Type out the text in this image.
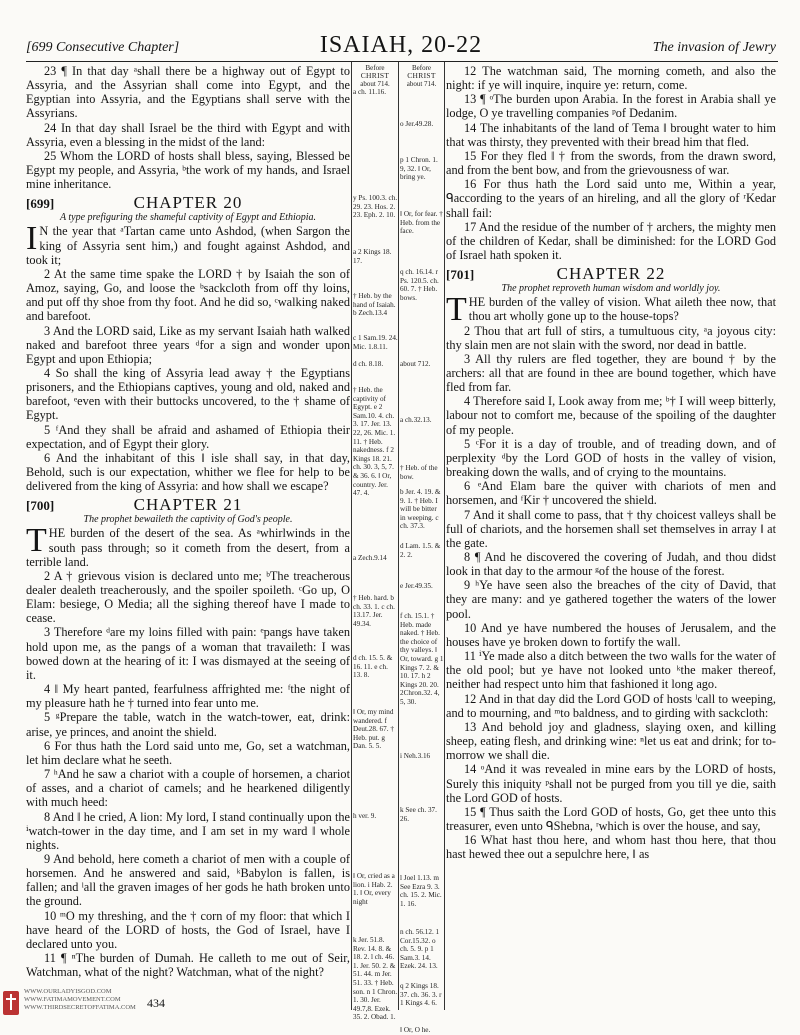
[699 Consecutive Chapter]	ISAIAH, 20-22	The invasion of Jewry

23 ¶ In that day ᵃshall there be a highway out of Egypt to Assyria, and the Assyrian shall come into Egypt, and the Egyptian into Assyria, and the Egyptians shall serve with the Assyrians.

24 In that day shall Israel be the third with Egypt and with Assyria, even a blessing in the midst of the land:

25 Whom the LORD of hosts shall bless, saying, Blessed be Egypt my people, and Assyria, ᵇthe work of my hands, and Israel mine inheritance.

[699]	CHAPTER 20
A type prefiguring the shameful captivity of Egypt and Ethiopia.

I N the year that ᵃTartan came unto Ashdod, (when Sargon the king of Assyria sent him,) and fought against Ashdod, and took it;

2 At the same time spake the LORD † by Isaiah the son of Amoz, saying, Go, and loose the ᵇsackcloth from off thy loins, and put off thy shoe from thy foot. And he did so, ᶜwalking naked and barefoot.

3 And the LORD said, Like as my servant Isaiah hath walked naked and barefoot three years ᵈfor a sign and wonder upon Egypt and upon Ethiopia;

4 So shall the king of Assyria lead away † the Egyptians prisoners, and the Ethiopians captives, young and old, naked and barefoot, ᵉeven with their buttocks uncovered, to the † shame of Egypt.

5 ᶠAnd they shall be afraid and ashamed of Ethiopia their expectation, and of Egypt their glory.

6 And the inhabitant of this ‖ isle shall say, in that day, Behold, such is our expectation, whither we flee for help to be delivered from the king of Assyria: and how shall we escape?

[700]	CHAPTER 21
The prophet bewaileth the captivity of God's people.

THE burden of the desert of the sea. As ᵃwhirlwinds in the south pass through; so it cometh from the desert, from a terrible land.

2 A † grievous vision is declared unto me; ᵇThe treacherous dealer dealeth treacherously, and the spoiler spoileth. ᶜGo up, O Elam: besiege, O Media; all the sighing thereof have I made to cease.

3 Therefore ᵈare my loins filled with pain: ᵉpangs have taken hold upon me, as the pangs of a woman that travaileth: I was bowed down at the hearing of it: I was dismayed at the seeing of it.

4 ‖ My heart panted, fearfulness affrighted me: ᶠthe night of my pleasure hath he † turned into fear unto me.

5 ᵍPrepare the table, watch in the watch-tower, eat, drink: arise, ye princes, and anoint the shield.

6 For thus hath the Lord said unto me, Go, set a watchman, let him declare what he seeth.

7 ʰAnd he saw a chariot with a couple of horsemen, a chariot of asses, and a chariot of camels; and he hearkened diligently with much heed:

8 And ‖ he cried, A lion: My lord, I stand continually upon the ⁱwatch-tower in the day time, and I am set in my ward ‖ whole nights.

9 And behold, here cometh a chariot of men with a couple of horsemen. And he answered and said, ᵏBabylon is fallen, is fallen; and ˡall the graven images of her gods he hath broken unto the ground.

10 ᵐO my threshing, and the † corn of my floor: that which I have heard of the LORD of hosts, the God of Israel, have I declared unto you.

11 ¶ ⁿThe burden of Dumah. He calleth to me out of Seir, Watchman, what of the night? Watchman, what of the night?

Before
CHRIST
about 714.
a ch. 11.16.
y Ps. 100.3. ch. 29. 23. Hos. 2. 23. Eph. 2. 10.
a 2 Kings 18. 17.
† Heb. by the hand of Isaiah. b Zech.13.4
c 1 Sam.19. 24. Mic. 1.8.11.
d ch. 8.18.
† Heb. the captivity of Egypt. e 2 Sam.10. 4. ch. 3. 17. Jer. 13. 22, 26. Mic. 1. 11. † Heb. nakedness. f 2 Kings 18. 21. ch. 30. 3, 5, 7. & 36. 6. ‖ Or, country. Jer. 47. 4.
a Zech.9.14
† Heb. hard. b ch. 33. 1. c ch. 13.17. Jer. 49.34.
d ch. 15. 5. & 16. 11. e ch. 13. 8.
‖ Or, my mind wandered. f Deut.28. 67. † Heb. put. g Dan. 5. 5.
h ver. 9.
‖ Or, cried as a lion. i Hab. 2. 1. ‖ Or, every night
k Jer. 51.8. Rev. 14. 8. & 18. 2. l ch. 46. 1. Jer. 50. 2. & 51. 44. m Jer. 51. 33. † Heb. son. n 1 Chron. 1. 30. Jer. 49.7,8. Ezek. 35. 2. Obad. 1.
Before
CHRIST
about 714.
o Jer.49.28.
p 1 Chron. 1. 9, 32. ‖ Or, bring ye.
‖ Or, for fear. † Heb. from the face.
q ch. 16.14. r Ps. 120.5. ch. 60. 7. † Heb. bows.
about 712.
a ch.32.13.
† Heb. of the bow.
b Jer. 4. 19. & 9. 1. † Heb. I will be bitter in weeping. c ch. 37.3.
d Lam. 1.5. & 2. 2.
e Jer.49.35.
f ch. 15.1. † Heb. made naked. † Heb. the choice of thy valleys. ‖ Or, toward. g 1 Kings 7. 2. & 10. 17. h 2 Kings 20. 20. 2Chron.32. 4, 5, 30.
i Neh.3.16
k See ch. 37. 26.
l Joel 1.13. m See Ezra 9. 3. ch. 15. 2. Mic. 1. 16.
n ch. 56.12. 1 Cor.15.32. o ch. 5. 9. p 1 Sam.3. 14. Ezek. 24. 13.
q 2 Kings 18. 37. ch. 36. 3. r 1 Kings 4. 6.
‖ Or, O he.

12 The watchman said, The morning cometh, and also the night: if ye will inquire, inquire ye: return, come.

13 ¶ ᵒThe burden upon Arabia. In the forest in Arabia shall ye lodge, O ye travelling companies ᵖof Dedanim.

14 The inhabitants of the land of Tema ‖ brought water to him that was thirsty, they prevented with their bread him that fled.

15 For they fled ‖ † from the swords, from the drawn sword, and from the bent bow, and from the grievousness of war.

16 For thus hath the Lord said unto me, Within a year, ᑫaccording to the years of an hireling, and all the glory of ʳKedar shall fail:

17 And the residue of the number of † archers, the mighty men of the children of Kedar, shall be diminished: for the LORD God of Israel hath spoken it.

[701]	CHAPTER 22
The prophet reproveth human wisdom and worldly joy.

THE burden of the valley of vision. What aileth thee now, that thou art wholly gone up to the house-tops?

2 Thou that art full of stirs, a tumultuous city, ᵃa joyous city: thy slain men are not slain with the sword, nor dead in battle.

3 All thy rulers are fled together, they are bound † by the archers: all that are found in thee are bound together, which have fled from far.

4 Therefore said I, Look away from me; ᵇ† I will weep bitterly, labour not to comfort me, because of the spoiling of the daughter of my people.

5 ᶜFor it is a day of trouble, and of treading down, and of perplexity ᵈby the Lord GOD of hosts in the valley of vision, breaking down the walls, and of crying to the mountains.

6 ᵉAnd Elam bare the quiver with chariots of men and horsemen, and ᶠKir † uncovered the shield.

7 And it shall come to pass, that † thy choicest valleys shall be full of chariots, and the horsemen shall set themselves in array ‖ at the gate.

8 ¶ And he discovered the covering of Judah, and thou didst look in that day to the armour ᵍof the house of the forest.

9 ʰYe have seen also the breaches of the city of David, that they are many: and ye gathered together the waters of the lower pool.

10 And ye have numbered the houses of Jerusalem, and the houses have ye broken down to fortify the wall.

11 ⁱYe made also a ditch between the two walls for the water of the old pool; but ye have not looked unto ᵏthe maker thereof, neither had respect unto him that fashioned it long ago.

12 And in that day did the Lord GOD of hosts ˡcall to weeping, and to mourning, and ᵐto baldness, and to girding with sackcloth:

13 And behold joy and gladness, slaying oxen, and killing sheep, eating flesh, and drinking wine: ⁿlet us eat and drink; for to-morrow we shall die.

14 ᵒAnd it was revealed in mine ears by the LORD of hosts, Surely this iniquity ᵖshall not be purged from you till ye die, saith the Lord GOD of hosts.

15 ¶ Thus saith the Lord GOD of hosts, Go, get thee unto this treasurer, even unto ᑫShebna, ʳwhich is over the house, and say,

16 What hast thou here, and whom hast thou here, that thou hast hewed thee out a sepulchre here, ‖ as

WWW.OURLADYISGOD.COM
WWW.FATIMAMOVEMENT.COM
WWW.THIRDSECRETOFFATIMA.COM 434
